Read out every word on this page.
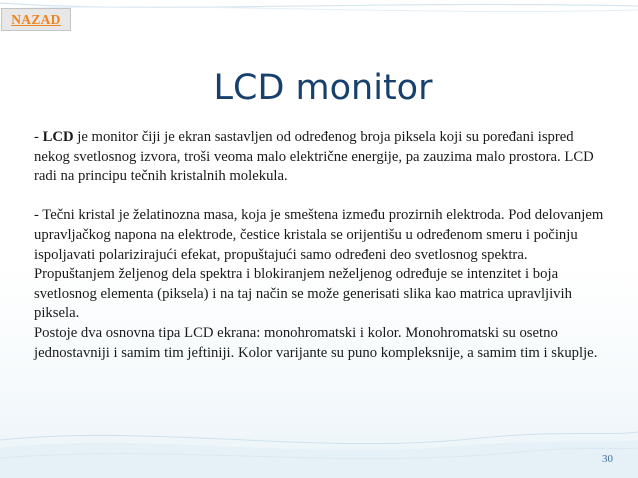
NAZAD
LCD monitor

- LCD je monitor čiji je ekran sastavljen od određenog broja piksela koji su poređani ispred nekog svetlosnog izvora, troši veoma malo električne energije, pa zauzima malo prostora. LCD radi na principu tečnih kristalnih molekula.

- Tečni kristal je želatinozna masa, koja je smeštena između prozirnih elektroda. Pod delovanjem upravljačkog napona na elektrode, čestice kristala se orijentišu u određenom smeru i počinju ispoljavati polarizirajući efekat, propuštajući samo određeni deo svetlosnog spektra. Propuštanjem željenog dela spektra i blokiranjem neželjenog određuje se intenzitet i boja svetlosnog elementa (piksela) i na taj način se može generisati slika kao matrica upravljivih piksela.

Postoje dva osnovna tipa LCD ekrana: monohromatski i kolor. Monohromatski su osetno jednostavniji i samim tim jeftiniji. Kolor varijante su puno kompleksnije, a samim tim i skuplje.

30
